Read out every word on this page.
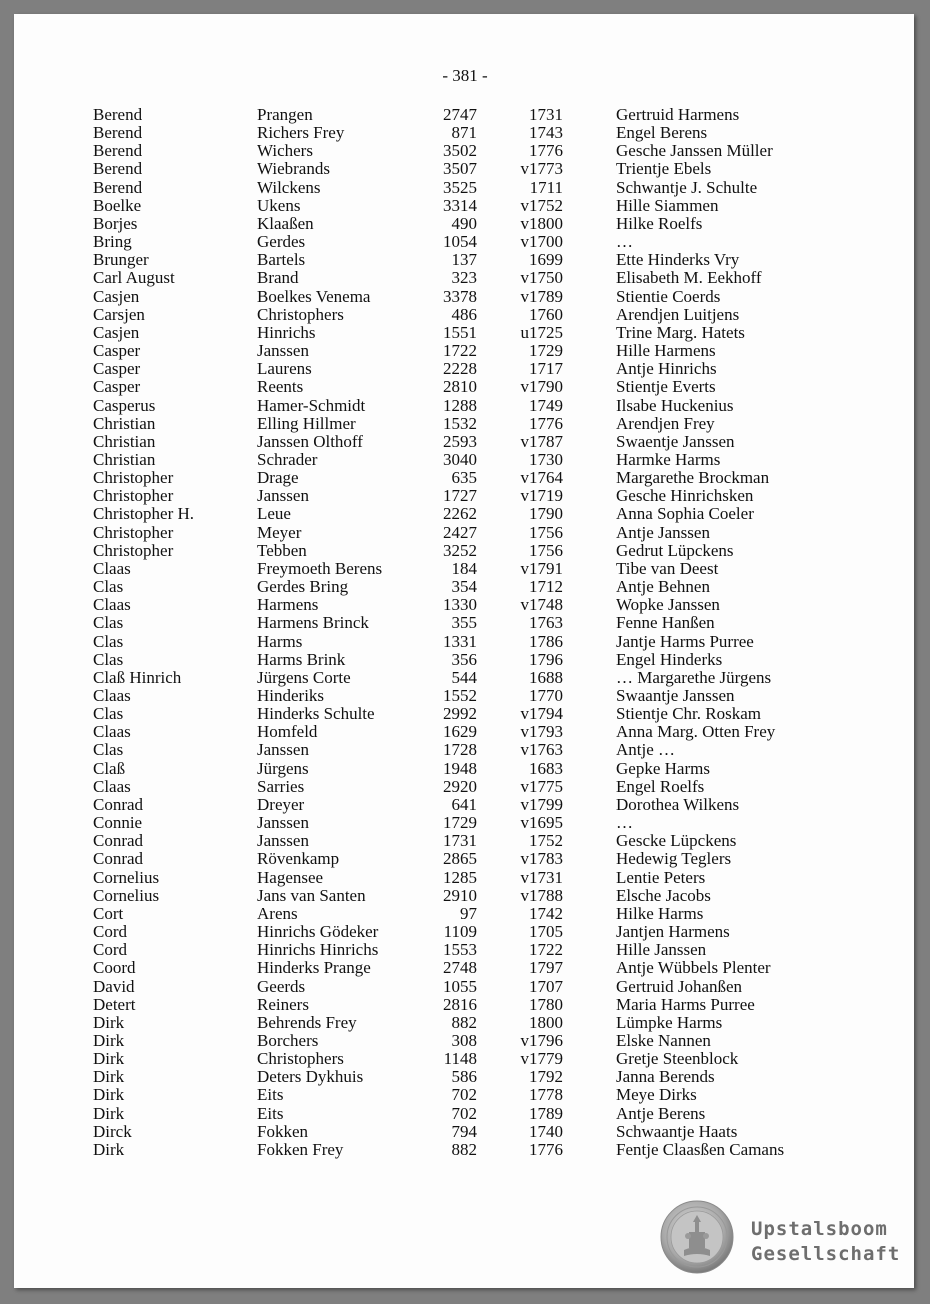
- 381 -
Berend	Prangen	2747	1731	Gertruid Harmens
Berend	Richers Frey	871	1743	Engel Berens
Berend	Wichers	3502	1776	Gesche Janssen Müller
Berend	Wiebrands	3507	v1773	Trientje Ebels
Berend	Wilckens	3525	1711	Schwantje J. Schulte
Boelke	Ukens	3314	v1752	Hille Siammen
Borjes	Klaaßen	490	v1800	Hilke Roelfs
Bring	Gerdes	1054	v1700	…
Brunger	Bartels	137	1699	Ette Hinderks Vry
Carl August	Brand	323	v1750	Elisabeth M. Eekhoff
Casjen	Boelkes Venema	3378	v1789	Stientie Coerds
Carsjen	Christophers	486	1760	Arendjen Luitjens
Casjen	Hinrichs	1551	u1725	Trine Marg. Hatets
Casper	Janssen	1722	1729	Hille Harmens
Casper	Laurens	2228	1717	Antje Hinrichs
Casper	Reents	2810	v1790	Stientje Everts
Casperus	Hamer-Schmidt	1288	1749	Ilsabe Huckenius
Christian	Elling Hillmer	1532	1776	Arendjen Frey
Christian	Janssen Olthoff	2593	v1787	Swaentje Janssen
Christian	Schrader	3040	1730	Harmke Harms
Christopher	Drage	635	v1764	Margarethe Brockman
Christopher	Janssen	1727	v1719	Gesche Hinrichsken
Christopher H.	Leue	2262	1790	Anna Sophia Coeler
Christopher	Meyer	2427	1756	Antje Janssen
Christopher	Tebben	3252	1756	Gedrut Lüpckens
Claas	Freymoeth Berens	184	v1791	Tibe van Deest
Clas	Gerdes Bring	354	1712	Antje Behnen
Claas	Harmens	1330	v1748	Wopke Janssen
Clas	Harmens Brinck	355	1763	Fenne Hanßen
Clas	Harms	1331	1786	Jantje Harms Purree
Clas	Harms Brink	356	1796	Engel Hinderks
Claß Hinrich	Jürgens Corte	544	1688	… Margarethe Jürgens
Claas	Hinderiks	1552	1770	Swaantje Janssen
Clas	Hinderks Schulte	2992	v1794	Stientje Chr. Roskam
Claas	Homfeld	1629	v1793	Anna Marg. Otten Frey
Clas	Janssen	1728	v1763	Antje …
Claß	Jürgens	1948	1683	Gepke Harms
Claas	Sarries	2920	v1775	Engel Roelfs
Conrad	Dreyer	641	v1799	Dorothea Wilkens
Connie	Janssen	1729	v1695	…
Conrad	Janssen	1731	1752	Gescke Lüpckens
Conrad	Rövenkamp	2865	v1783	Hedewig Teglers
Cornelius	Hagensee	1285	v1731	Lentie Peters
Cornelius	Jans van Santen	2910	v1788	Elsche Jacobs
Cort	Arens	97	1742	Hilke Harms
Cord	Hinrichs Gödeker	1109	1705	Jantjen Harmens
Cord	Hinrichs Hinrichs	1553	1722	Hille Janssen
Coord	Hinderks Prange	2748	1797	Antje Wübbels Plenter
David	Geerds	1055	1707	Gertruid Johanßen
Detert	Reiners	2816	1780	Maria Harms Purree
Dirk	Behrends Frey	882	1800	Lümpke Harms
Dirk	Borchers	308	v1796	Elske Nannen
Dirk	Christophers	1148	v1779	Gretje Steenblock
Dirk	Deters Dykhuis	586	1792	Janna Berends
Dirk	Eits	702	1778	Meye Dirks
Dirk	Eits	702	1789	Antje Berens
Dirck	Fokken	794	1740	Schwaantje Haats
Dirk	Fokken Frey	882	1776	Fentje Claasßen Camans
Upstalsboom
Gesellschaft
